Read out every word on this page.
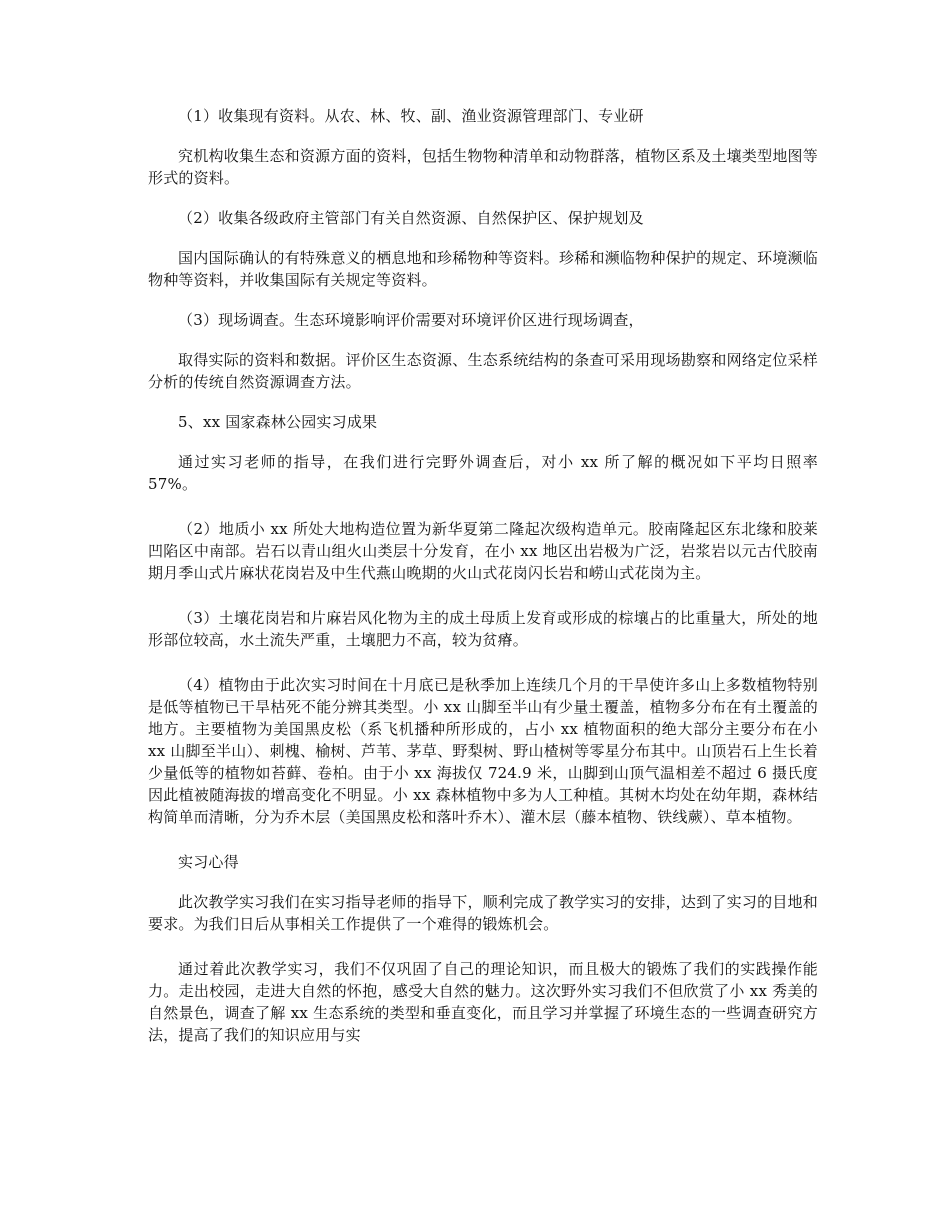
（1）收集现有资料。从农、林、牧、副、渔业资源管理部门、专业研

究机构收集生态和资源方面的资料，包括生物物种清单和动物群落，植物区系及土壤类型地图等形式的资料。

（2）收集各级政府主管部门有关自然资源、自然保护区、保护规划及

国内国际确认的有特殊意义的栖息地和珍稀物种等资料。珍稀和濒临物种保护的规定、环境濒临物种等资料，并收集国际有关规定等资料。

（3）现场调查。生态环境影响评价需要对环境评价区进行现场调查，

取得实际的资料和数据。评价区生态资源、生态系统结构的条查可采用现场勘察和网络定位采样分析的传统自然资源调查方法。

5、xx 国家森林公园实习成果

通过实习老师的指导，在我们进行完野外调查后，对小 xx 所了解的概况如下平均日照率 57%。

（2）地质小 xx 所处大地构造位置为新华夏第二隆起次级构造单元。胶南隆起区东北缘和胶莱凹陷区中南部。岩石以青山组火山类层十分发育，在小 xx 地区出岩极为广泛，岩浆岩以元古代胶南期月季山式片麻状花岗岩及中生代燕山晚期的火山式花岗闪长岩和崂山式花岗为主。

（3）土壤花岗岩和片麻岩风化物为主的成土母质上发育或形成的棕壤占的比重量大，所处的地形部位较高，水土流失严重，土壤肥力不高，较为贫瘠。

（4）植物由于此次实习时间在十月底已是秋季加上连续几个月的干旱使许多山上多数植物特别是低等植物已干旱枯死不能分辨其类型。小 xx 山脚至半山有少量土覆盖，植物多分布在有土覆盖的地方。主要植物为美国黑皮松（系飞机播种所形成的，占小 xx 植物面积的绝大部分主要分布在小 xx 山脚至半山）、刺槐、榆树、芦苇、茅草、野梨树、野山楂树等零星分布其中。山顶岩石上生长着少量低等的植物如苔藓、卷柏。由于小 xx 海拔仅 724.9 米，山脚到山顶气温相差不超过 6 摄氏度因此植被随海拔的增高变化不明显。小 xx 森林植物中多为人工种植。其树木均处在幼年期，森林结构简单而清晰，分为乔木层（美国黑皮松和落叶乔木）、灌木层（藤本植物、铁线蕨）、草本植物。

实习心得

此次教学实习我们在实习指导老师的指导下，顺利完成了教学实习的安排，达到了实习的目地和要求。为我们日后从事相关工作提供了一个难得的锻炼机会。

通过着此次教学实习，我们不仅巩固了自己的理论知识，而且极大的锻炼了我们的实践操作能力。走出校园，走进大自然的怀抱，感受大自然的魅力。这次野外实习我们不但欣赏了小 xx 秀美的自然景色，调查了解 xx 生态系统的类型和垂直变化，而且学习并掌握了环境生态的一些调查研究方法，提高了我们的知识应用与实
